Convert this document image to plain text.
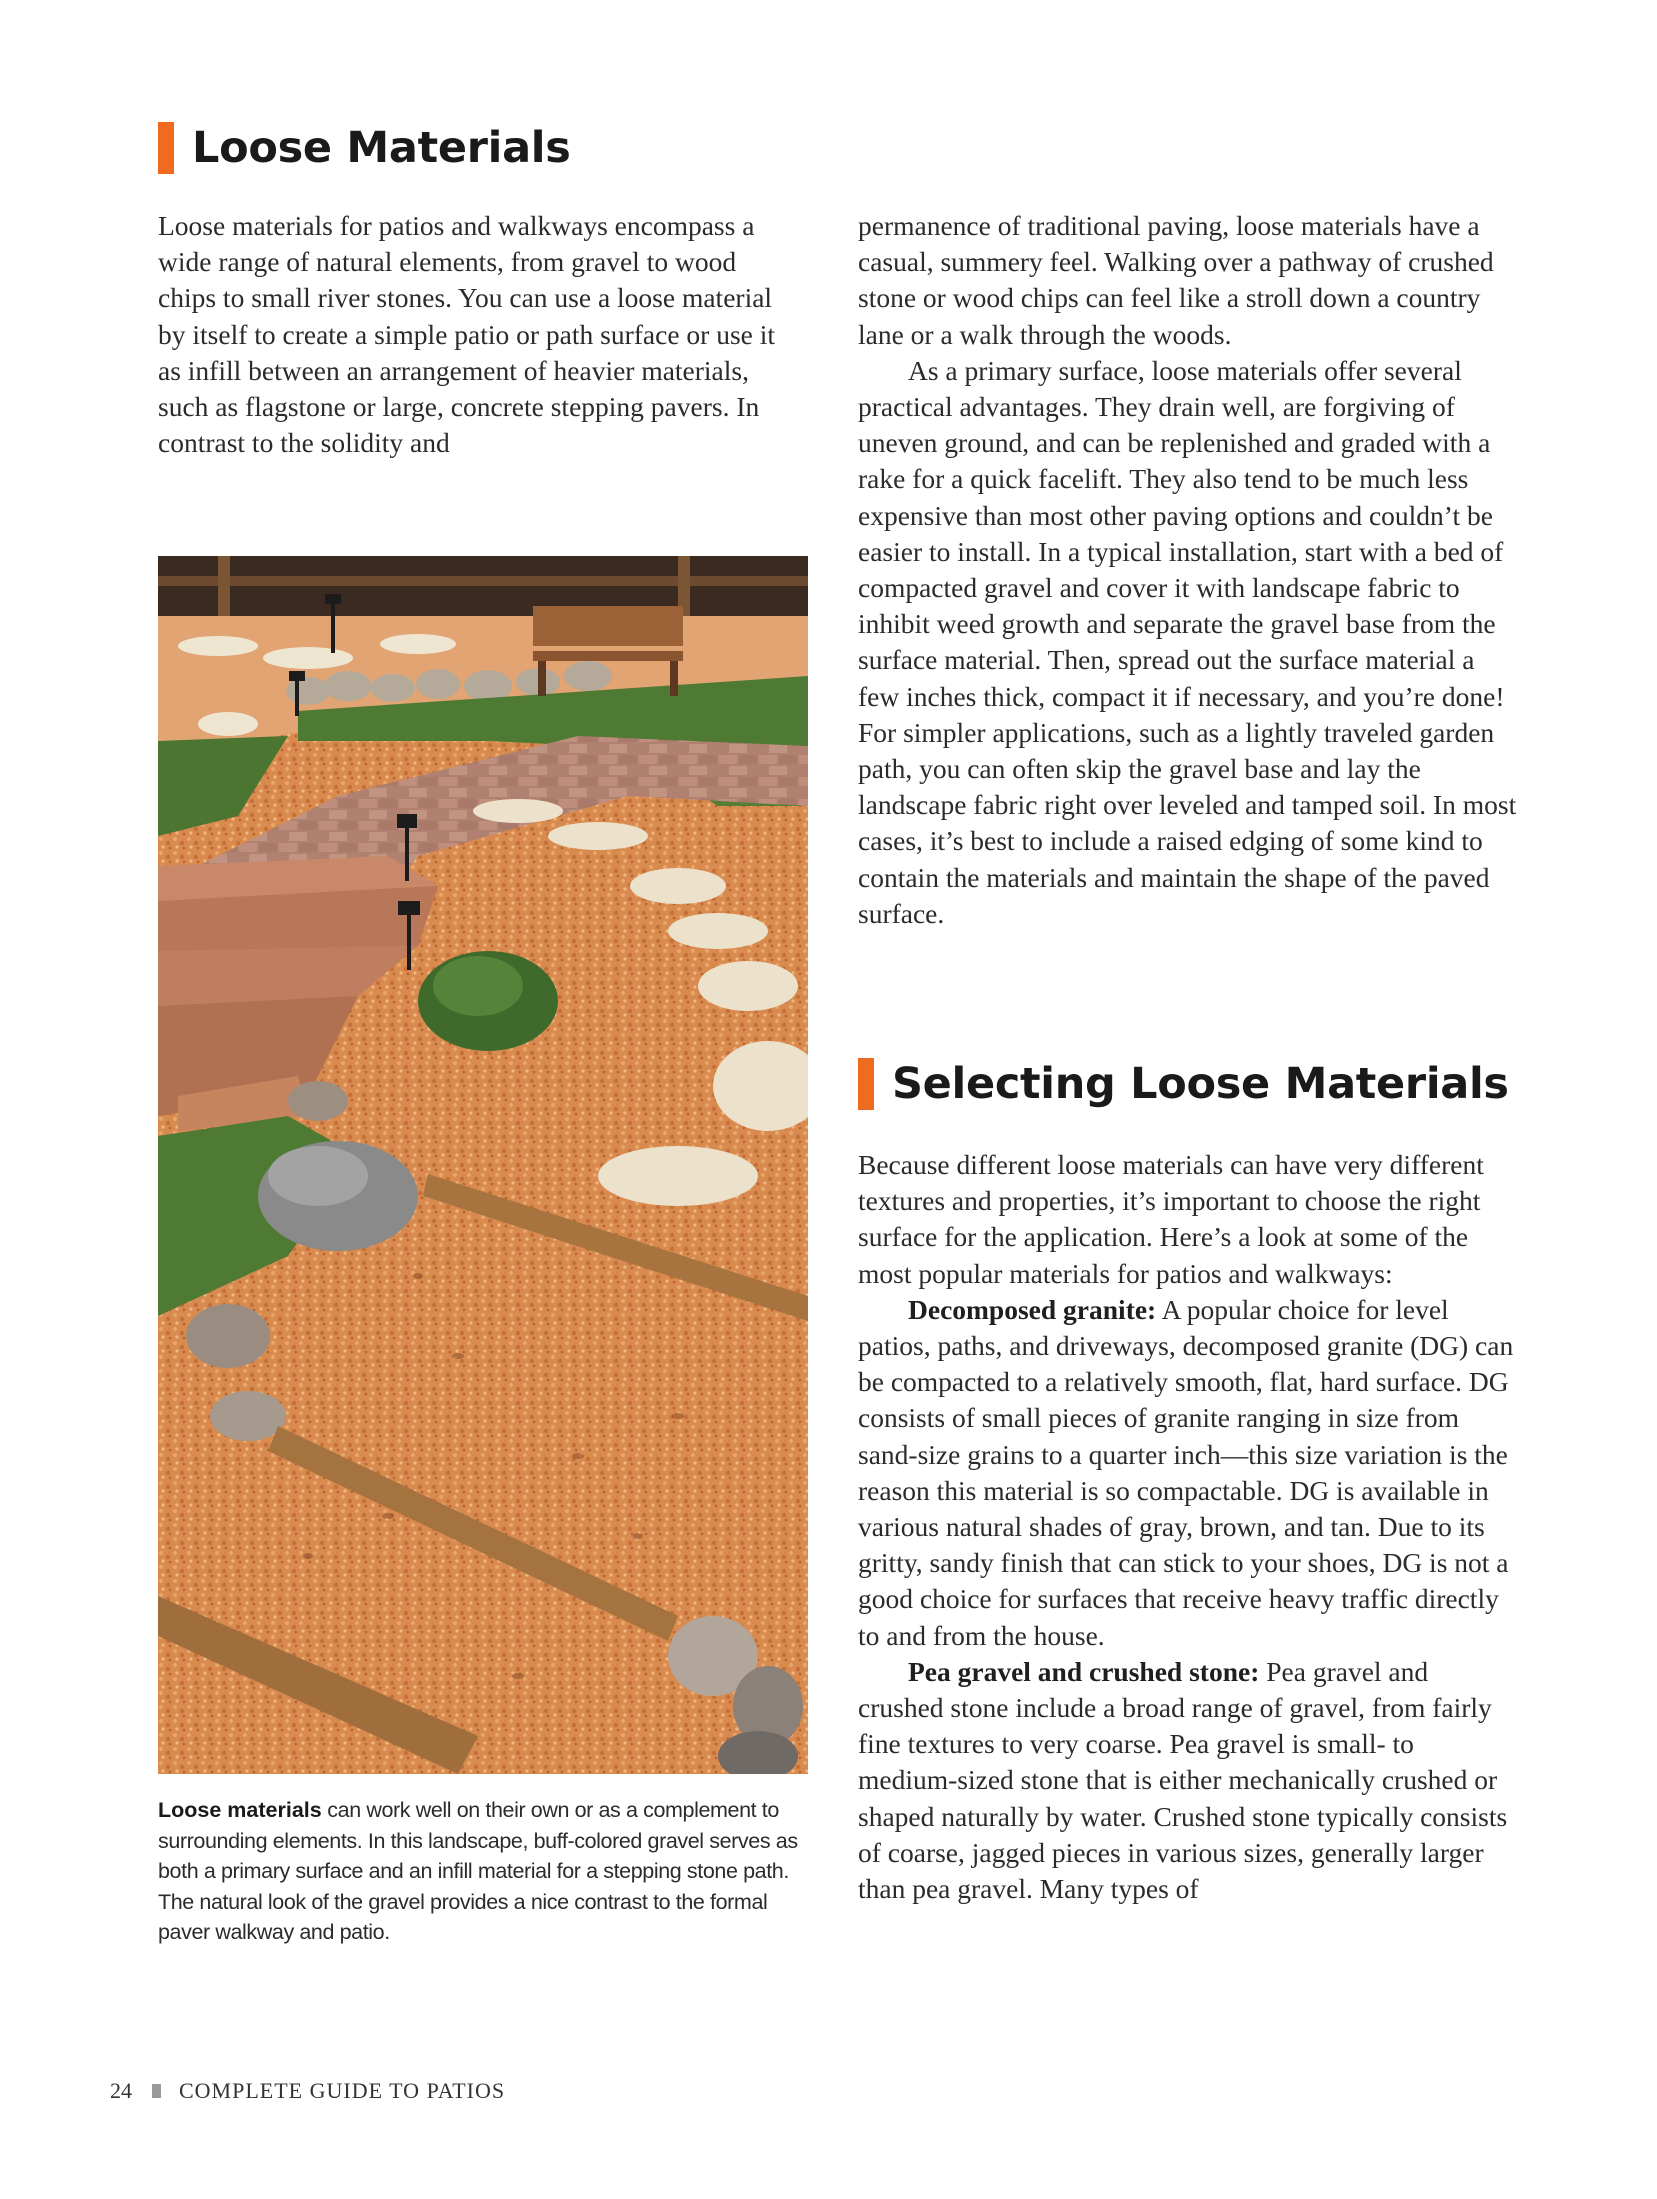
Loose Materials

Loose materials for patios and walkways encompass a wide range of natural elements, from gravel to wood chips to small river stones. You can use a loose material by itself to create a simple patio or path surface or use it as infill between an arrangement of heavier materials, such as flagstone or large, concrete stepping pavers. In contrast to the solidity and

Loose materials can work well on their own or as a complement to surrounding elements. In this landscape, buff-colored gravel serves as both a primary surface and an infill material for a stepping stone path. The natural look of the gravel provides a nice contrast to the formal paver walkway and patio.

permanence of traditional paving, loose materials have a casual, summery feel. Walking over a pathway of crushed stone or wood chips can feel like a stroll down a country lane or a walk through the woods.

As a primary surface, loose materials offer several practical advantages. They drain well, are forgiving of uneven ground, and can be replenished and graded with a rake for a quick facelift. They also tend to be much less expensive than most other paving options and couldn’t be easier to install. In a typical installation, start with a bed of compacted gravel and cover it with landscape fabric to inhibit weed growth and separate the gravel base from the surface material. Then, spread out the surface material a few inches thick, compact it if necessary, and you’re done! For simpler applications, such as a lightly traveled garden path, you can often skip the gravel base and lay the landscape fabric right over leveled and tamped soil. In most cases, it’s best to include a raised edging of some kind to contain the materials and maintain the shape of the paved surface.

Selecting Loose Materials

Because different loose materials can have very different textures and properties, it’s important to choose the right surface for the application. Here’s a look at some of the most popular materials for patios and walkways:

Decomposed granite: A popular choice for level patios, paths, and driveways, decomposed granite (DG) can be compacted to a relatively smooth, flat, hard surface. DG consists of small pieces of granite ranging in size from sand-size grains to a quarter inch—this size variation is the reason this material is so compactable. DG is available in various natural shades of gray, brown, and tan. Due to its gritty, sandy finish that can stick to your shoes, DG is not a good choice for surfaces that receive heavy traffic directly to and from the house.

Pea gravel and crushed stone: Pea gravel and crushed stone include a broad range of gravel, from fairly fine textures to very coarse. Pea gravel is small- to medium-sized stone that is either mechanically crushed or shaped naturally by water. Crushed stone typically consists of coarse, jagged pieces in various sizes, generally larger than pea gravel. Many types of

24 COMPLETE GUIDE TO PATIOS
